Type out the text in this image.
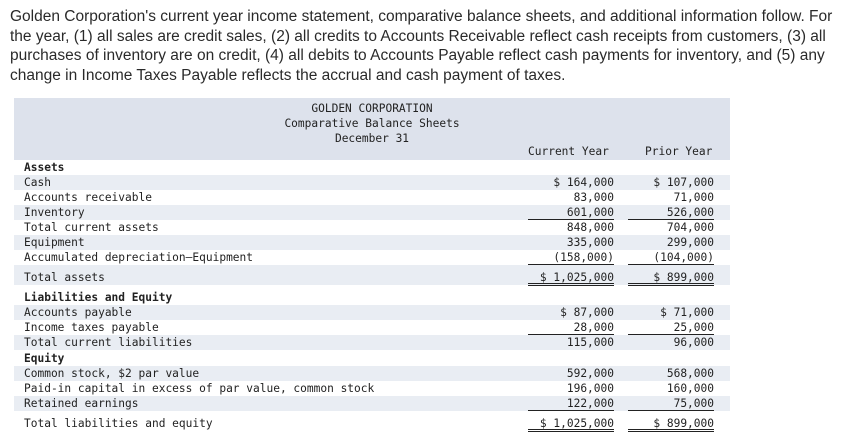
Golden Corporation's current year income statement, comparative balance sheets, and additional information follow. For the year, (1) all sales are credit sales, (2) all credits to Accounts Receivable reflect cash receipts from customers, (3) all purchases of inventory are on credit, (4) all debits to Accounts Payable reflect cash payments for inventory, and (5) any change in Income Taxes Payable reflects the accrual and cash payment of taxes.

GOLDEN CORPORATION
Comparative Balance Sheets
December 31
Current Year	Prior Year
Assets
Cash	$ 164,000	$ 107,000
Accounts receivable	83,000	71,000
Inventory	601,000	526,000
Total current assets	848,000	704,000
Equipment	335,000	299,000
Accumulated depreciation—Equipment	(158,000)	(104,000)
Total assets	$ 1,025,000	$ 899,000
Liabilities and Equity
Accounts payable	$ 87,000	$ 71,000
Income taxes payable	28,000	25,000
Total current liabilities	115,000	96,000
Equity
Common stock, $2 par value	592,000	568,000
Paid-in capital in excess of par value, common stock	196,000	160,000
Retained earnings	122,000	75,000
Total liabilities and equity	$ 1,025,000	$ 899,000
